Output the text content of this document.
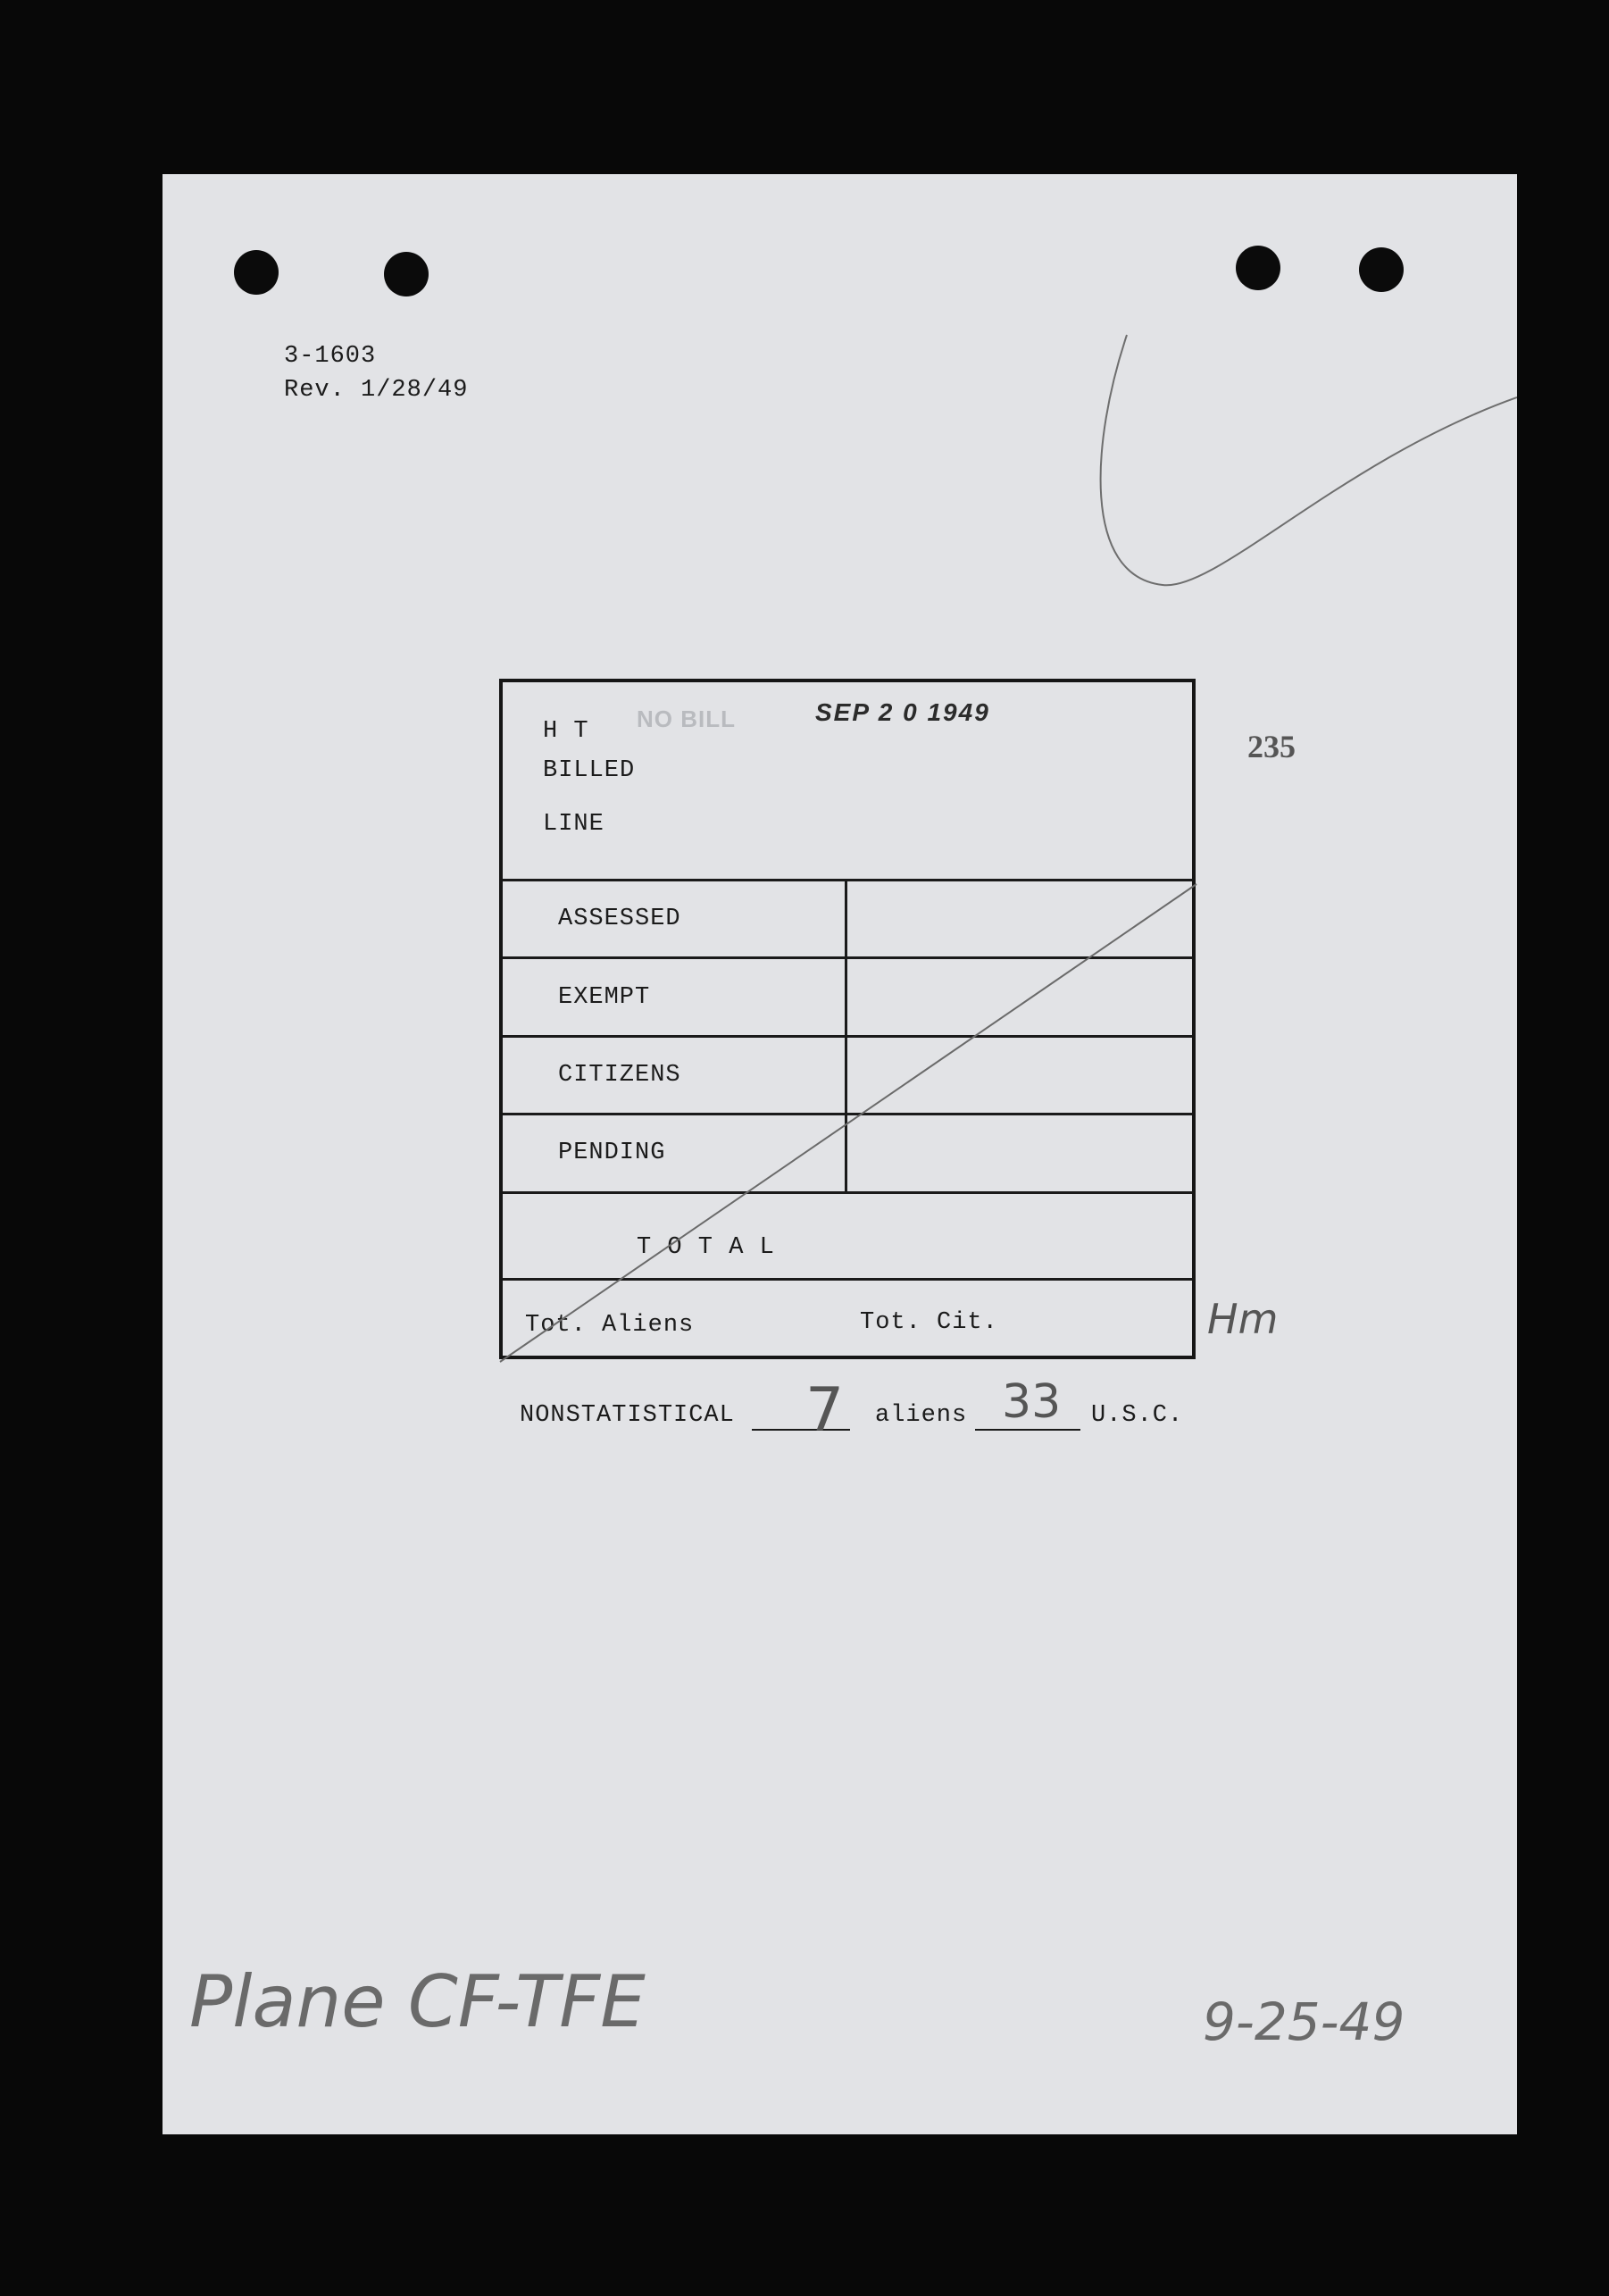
3-1603
Rev. 1/28/49
235
NO BILL	SEP 2 0 1949
H T
BILLED
LINE
ASSESSED
EXEMPT
CITIZENS
PENDING
T O T A L
Tot. Aliens	Tot. Cit.	Hm
NONSTATISTICAL 7 aliens 33 U.S.C.
Plane CF-TFE	9-25-49
